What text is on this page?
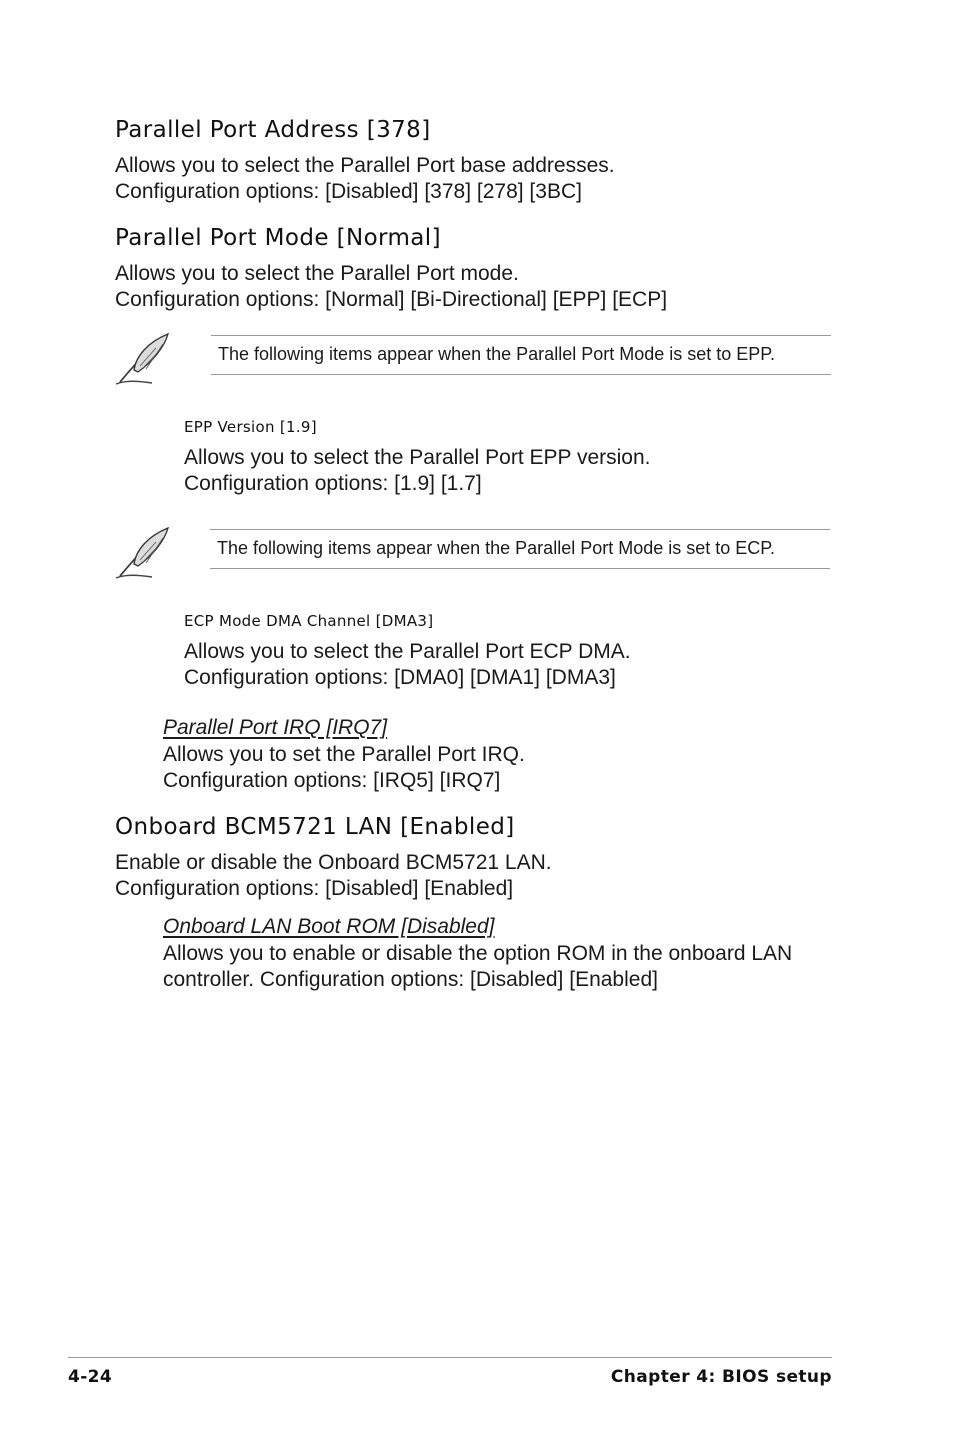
Parallel Port Address [378]
Allows you to select the Parallel Port base addresses.
Configuration options: [Disabled] [378] [278] [3BC]
Parallel Port Mode [Normal]
Allows you to select the Parallel Port mode.
Configuration options: [Normal] [Bi-Directional] [EPP] [ECP]
The following items appear when the Parallel Port Mode is set to EPP.
EPP Version [1.9]
Allows you to select the Parallel Port EPP version.
Configuration options: [1.9] [1.7]
The following items appear when the Parallel Port Mode is set to ECP.
ECP Mode DMA Channel [DMA3]
Allows you to select the Parallel Port ECP DMA.
Configuration options: [DMA0] [DMA1] [DMA3]
Parallel Port IRQ [IRQ7]
Allows you to set the Parallel Port IRQ.
Configuration options: [IRQ5] [IRQ7]
Onboard BCM5721 LAN [Enabled]
Enable or disable the Onboard BCM5721 LAN.
Configuration options: [Disabled] [Enabled]
Onboard LAN Boot ROM [Disabled]
Allows you to enable or disable the option ROM in the onboard LAN
controller. Configuration options: [Disabled] [Enabled]
4-24	Chapter 4: BIOS setup
